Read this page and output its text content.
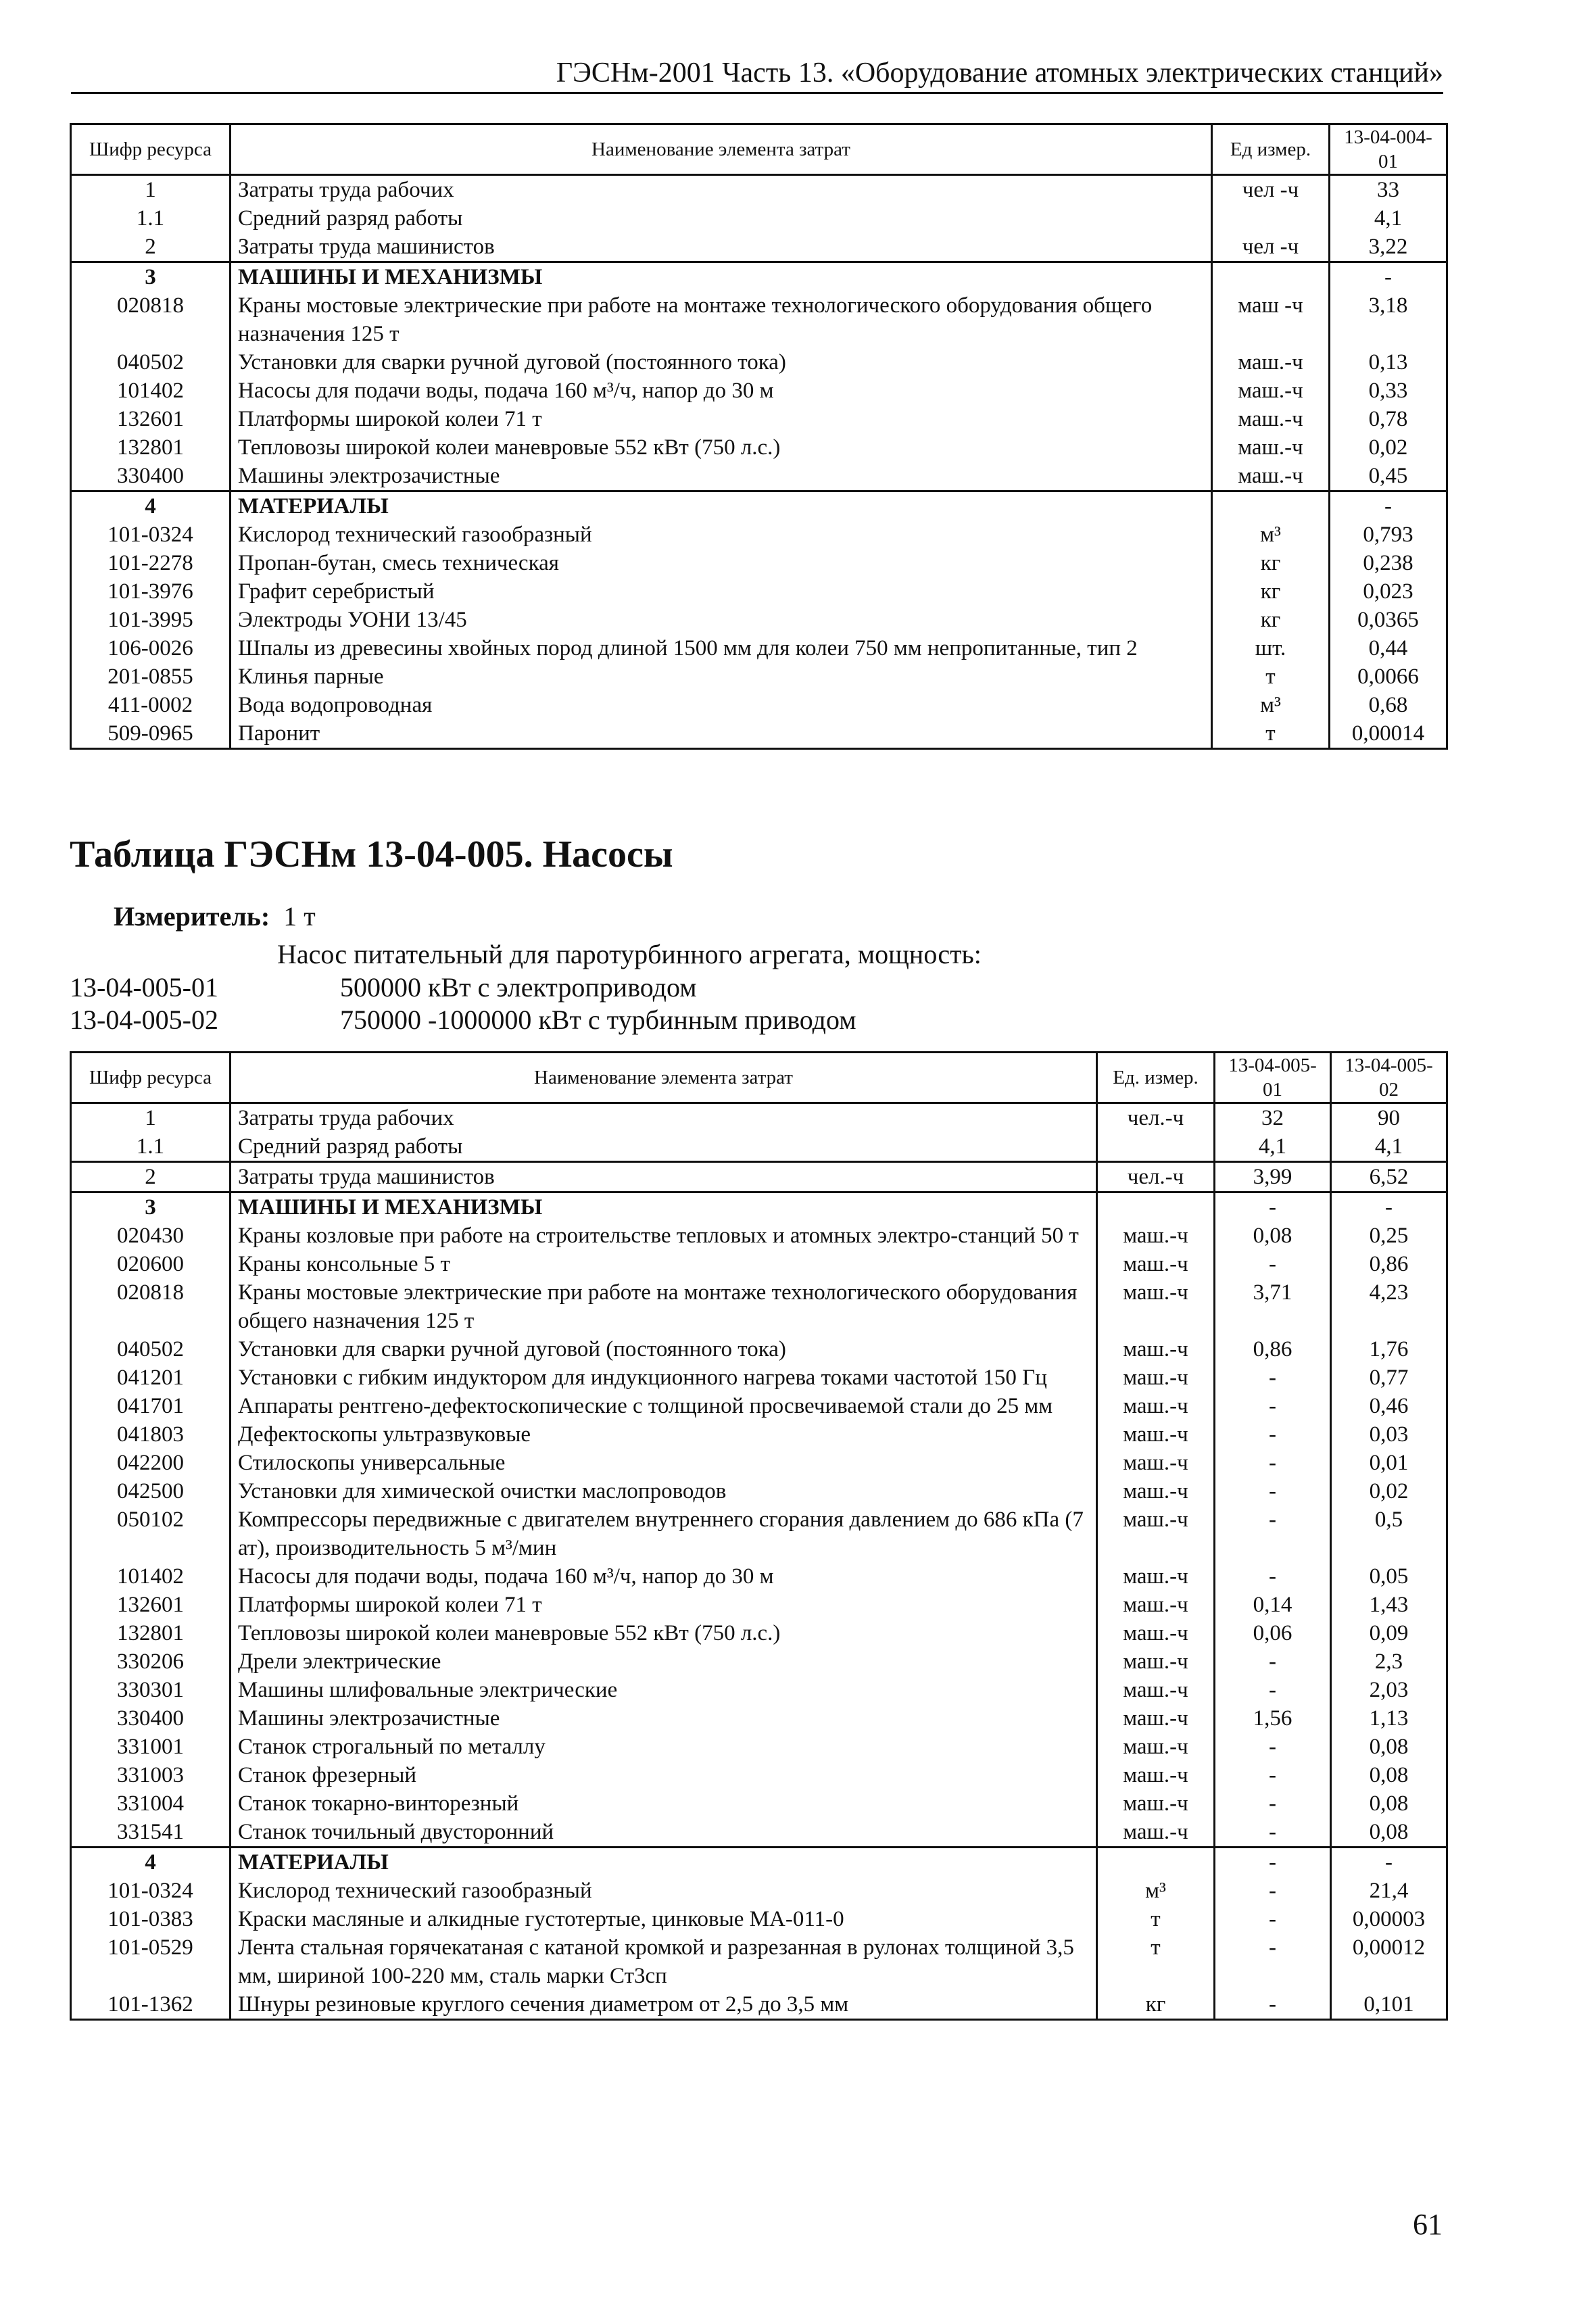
ГЭСНм-2001 Часть 13. «Оборудование атомных электрических станций»
Шифр ресурса	Наименование элемента затрат	Ед измер.	13-04-004-01
1	Затраты труда рабочих	чел -ч	33
1.1	Средний разряд работы		4,1
2	Затраты труда машинистов	чел -ч	3,22
3	МАШИНЫ И МЕХАНИЗМЫ		-
020818	Краны мостовые электрические при работе на монтаже технологического оборудования общего назначения 125 т	маш -ч	3,18
040502	Установки для сварки ручной дуговой (постоянного тока)	маш.-ч	0,13
101402	Насосы для подачи воды, подача 160 м³/ч, напор до 30 м	маш.-ч	0,33
132601	Платформы широкой колеи 71 т	маш.-ч	0,78
132801	Тепловозы широкой колеи маневровые 552 кВт (750 л.с.)	маш.-ч	0,02
330400	Машины электрозачистные	маш.-ч	0,45
4	МАТЕРИАЛЫ		-
101-0324	Кислород технический газообразный	м³	0,793
101-2278	Пропан-бутан, смесь техническая	кг	0,238
101-3976	Графит серебристый	кг	0,023
101-3995	Электроды УОНИ 13/45	кг	0,0365
106-0026	Шпалы из древесины хвойных пород длиной 1500 мм для колеи 750 мм непропитанные, тип 2	шт.	0,44
201-0855	Клинья парные	т	0,0066
411-0002	Вода водопроводная	м³	0,68
509-0965	Паронит	т	0,00014
Таблица ГЭСНм 13-04-005. Насосы
Измеритель: 1 т
Насос питательный для паротурбинного агрегата, мощность:
13-04-005-01	500000 кВт с электроприводом
13-04-005-02	750000 -1000000 кВт с турбинным приводом
Шифр ресурса	Наименование элемента затрат	Ед. измер.	13-04-005-01	13-04-005-02
1	Затраты труда рабочих	чел.-ч	32	90
1.1	Средний разряд работы		4,1	4,1
2	Затраты труда машинистов	чел.-ч	3,99	6,52
3	МАШИНЫ И МЕХАНИЗМЫ		-	-
020430	Краны козловые при работе на строительстве тепловых и атомных электро-станций 50 т	маш.-ч	0,08	0,25
020600	Краны консольные 5 т	маш.-ч	-	0,86
020818	Краны мостовые электрические при работе на монтаже технологического оборудования общего назначения 125 т	маш.-ч	3,71	4,23
040502	Установки для сварки ручной дуговой (постоянного тока)	маш.-ч	0,86	1,76
041201	Установки с гибким индуктором для индукционного нагрева токами частотой 150 Гц	маш.-ч	-	0,77
041701	Аппараты рентгено-дефектоскопические с толщиной просвечиваемой стали до 25 мм	маш.-ч	-	0,46
041803	Дефектоскопы ультразвуковые	маш.-ч	-	0,03
042200	Стилоскопы универсальные	маш.-ч	-	0,01
042500	Установки для химической очистки маслопроводов	маш.-ч	-	0,02
050102	Компрессоры передвижные с двигателем внутреннего сгорания давлением до 686 кПа (7 ат), производительность 5 м³/мин	маш.-ч	-	0,5
101402	Насосы для подачи воды, подача 160 м³/ч, напор до 30 м	маш.-ч	-	0,05
132601	Платформы широкой колеи 71 т	маш.-ч	0,14	1,43
132801	Тепловозы широкой колеи маневровые 552 кВт (750 л.с.)	маш.-ч	0,06	0,09
330206	Дрели электрические	маш.-ч	-	2,3
330301	Машины шлифовальные электрические	маш.-ч	-	2,03
330400	Машины электрозачистные	маш.-ч	1,56	1,13
331001	Станок строгальный по металлу	маш.-ч	-	0,08
331003	Станок фрезерный	маш.-ч	-	0,08
331004	Станок токарно-винторезный	маш.-ч	-	0,08
331541	Станок точильный двусторонний	маш.-ч	-	0,08
4	МАТЕРИАЛЫ		-	-
101-0324	Кислород технический газообразный	м³	-	21,4
101-0383	Краски масляные и алкидные густотертые, цинковые МА-011-0	т	-	0,00003
101-0529	Лента стальная горячекатаная с катаной кромкой и разрезанная в рулонах толщиной 3,5 мм, шириной 100-220 мм, сталь марки Ст3сп	т	-	0,00012
101-1362	Шнуры резиновые круглого сечения диаметром от 2,5 до 3,5 мм	кг	-	0,101
61
